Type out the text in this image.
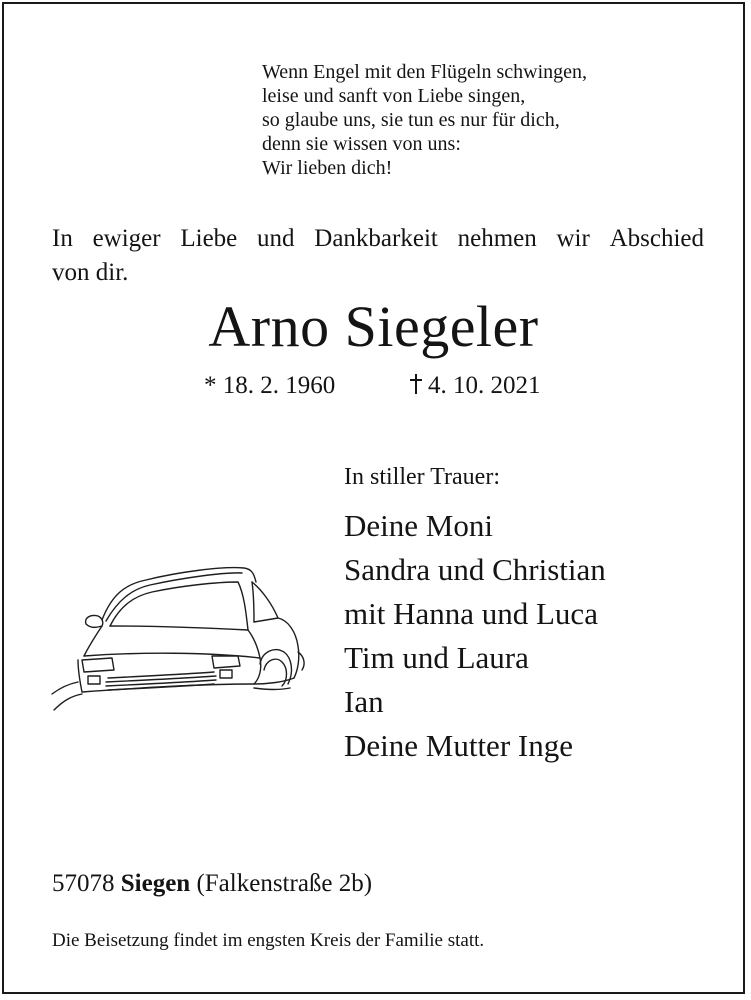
Wenn Engel mit den Flügeln schwingen,
leise und sanft von Liebe singen,
so glaube uns, sie tun es nur für dich,
denn sie wissen von uns:
Wir lieben dich!
In ewiger Liebe und Dankbarkeit nehmen wir Abschied
von dir.
Arno Siegeler
* 18. 2. 1960	4. 10. 2021
In stiller Trauer:
Deine Moni
Sandra und Christian
mit Hanna und Luca
Tim und Laura
Ian
Deine Mutter Inge
57078 Siegen (Falkenstraße 2b)
Die Beisetzung findet im engsten Kreis der Familie statt.
